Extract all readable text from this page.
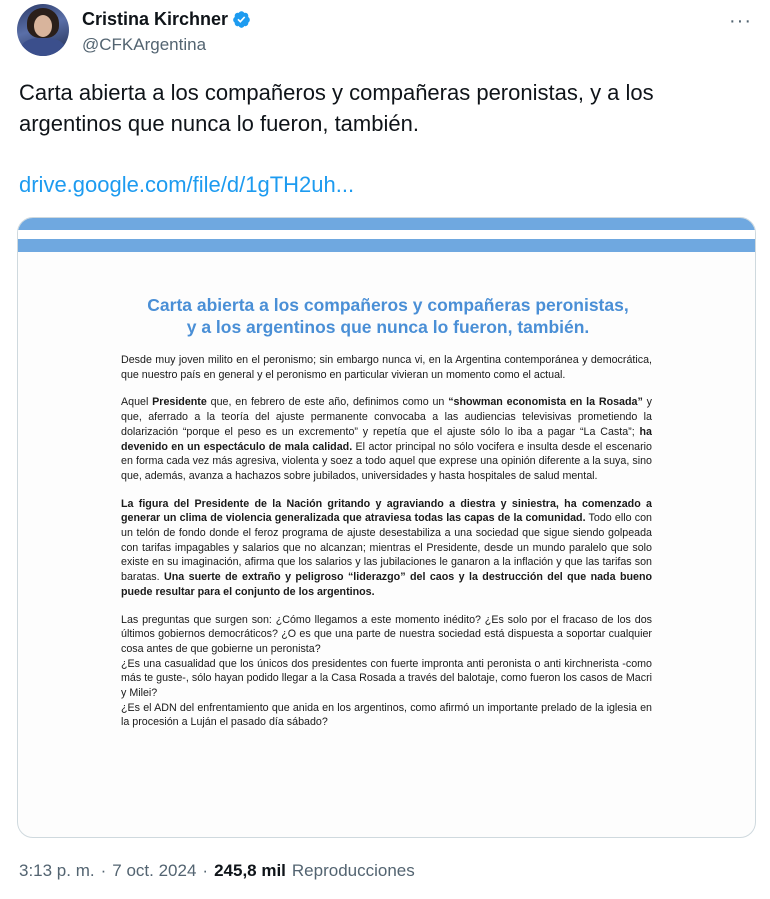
Cristina Kirchner
@CFKArgentina
···
Carta abierta a los compañeros y compañeras peronistas, y a los argentinos que nunca lo fueron, también.
drive.google.com/file/d/1gTH2uh...
Carta abierta a los compañeros y compañeras peronistas,
y a los argentinos que nunca lo fueron, también.

Desde muy joven milito en el peronismo; sin embargo nunca vi, en la Argentina contemporánea y democrática, que nuestro país en general y el peronismo en particular vivieran un momento como el actual.

Aquel Presidente que, en febrero de este año, definimos como un “showman economista en la Rosada” y que, aferrado a la teoría del ajuste permanente convocaba a las audiencias televisivas prometiendo la dolarización “porque el peso es un excremento” y repetía que el ajuste sólo lo iba a pagar “La Casta”; ha devenido en un espectáculo de mala calidad. El actor principal no sólo vocifera e insulta desde el escenario en forma cada vez más agresiva, violenta y soez a todo aquel que exprese una opinión diferente a la suya, sino que, además, avanza a hachazos sobre jubilados, universidades y hasta hospitales de salud mental.

La figura del Presidente de la Nación gritando y agraviando a diestra y siniestra, ha comenzado a generar un clima de violencia generalizada que atraviesa todas las capas de la comunidad. Todo ello con un telón de fondo donde el feroz programa de ajuste desestabiliza a una sociedad que sigue siendo golpeada con tarifas impagables y salarios que no alcanzan; mientras el Presidente, desde un mundo paralelo que solo existe en su imaginación, afirma que los salarios y las jubilaciones le ganaron a la inflación y que las tarifas son baratas. Una suerte de extraño y peligroso “liderazgo” del caos y la destrucción del que nada bueno puede resultar para el conjunto de los argentinos.

Las preguntas que surgen son: ¿Cómo llegamos a este momento inédito? ¿Es solo por el fracaso de los dos últimos gobiernos democráticos? ¿O es que una parte de nuestra sociedad está dispuesta a soportar cualquier cosa antes de que gobierne un peronista?
¿Es una casualidad que los únicos dos presidentes con fuerte impronta anti peronista o anti kirchnerista -como más te guste-, sólo hayan podido llegar a la Casa Rosada a través del balotaje, como fueron los casos de Macri y Milei?
¿Es el ADN del enfrentamiento que anida en los argentinos, como afirmó un importante prelado de la iglesia en la procesión a Luján el pasado día sábado?

3:13 p. m. · 7 oct. 2024 · 245,8 mil Reproducciones
